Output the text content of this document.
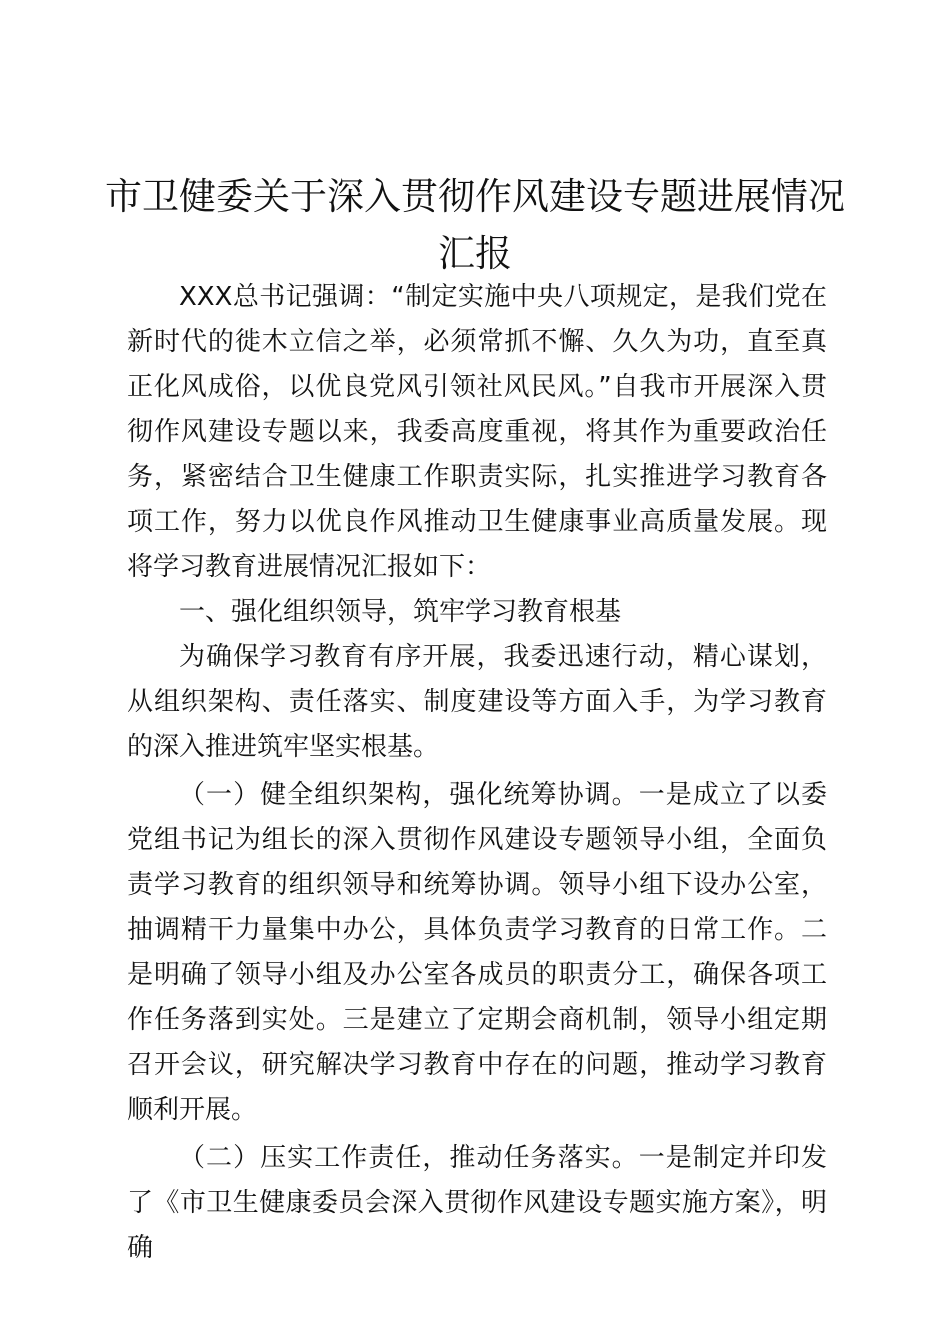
市卫健委关于深入贯彻作风建设专题进展情况汇报

XXX总书记强调：“制定实施中央八项规定，是我们党在新时代的徙木立信之举，必须常抓不懈、久久为功，直至真正化风成俗，以优良党风引领社风民风。”自我市开展深入贯彻作风建设专题以来，我委高度重视，将其作为重要政治任务，紧密结合卫生健康工作职责实际，扎实推进学习教育各项工作，努力以优良作风推动卫生健康事业高质量发展。现将学习教育进展情况汇报如下：

一、强化组织领导，筑牢学习教育根基

为确保学习教育有序开展，我委迅速行动，精心谋划，从组织架构、责任落实、制度建设等方面入手，为学习教育的深入推进筑牢坚实根基。

（一）健全组织架构，强化统筹协调。一是成立了以委党组书记为组长的深入贯彻作风建设专题领导小组，全面负责学习教育的组织领导和统筹协调。领导小组下设办公室，抽调精干力量集中办公，具体负责学习教育的日常工作。二是明确了领导小组及办公室各成员的职责分工，确保各项工作任务落到实处。三是建立了定期会商机制，领导小组定期召开会议，研究解决学习教育中存在的问题，推动学习教育顺利开展。

（二）压实工作责任，推动任务落实。一是制定并印发了《市卫生健康委员会深入贯彻作风建设专题实施方案》，明确
